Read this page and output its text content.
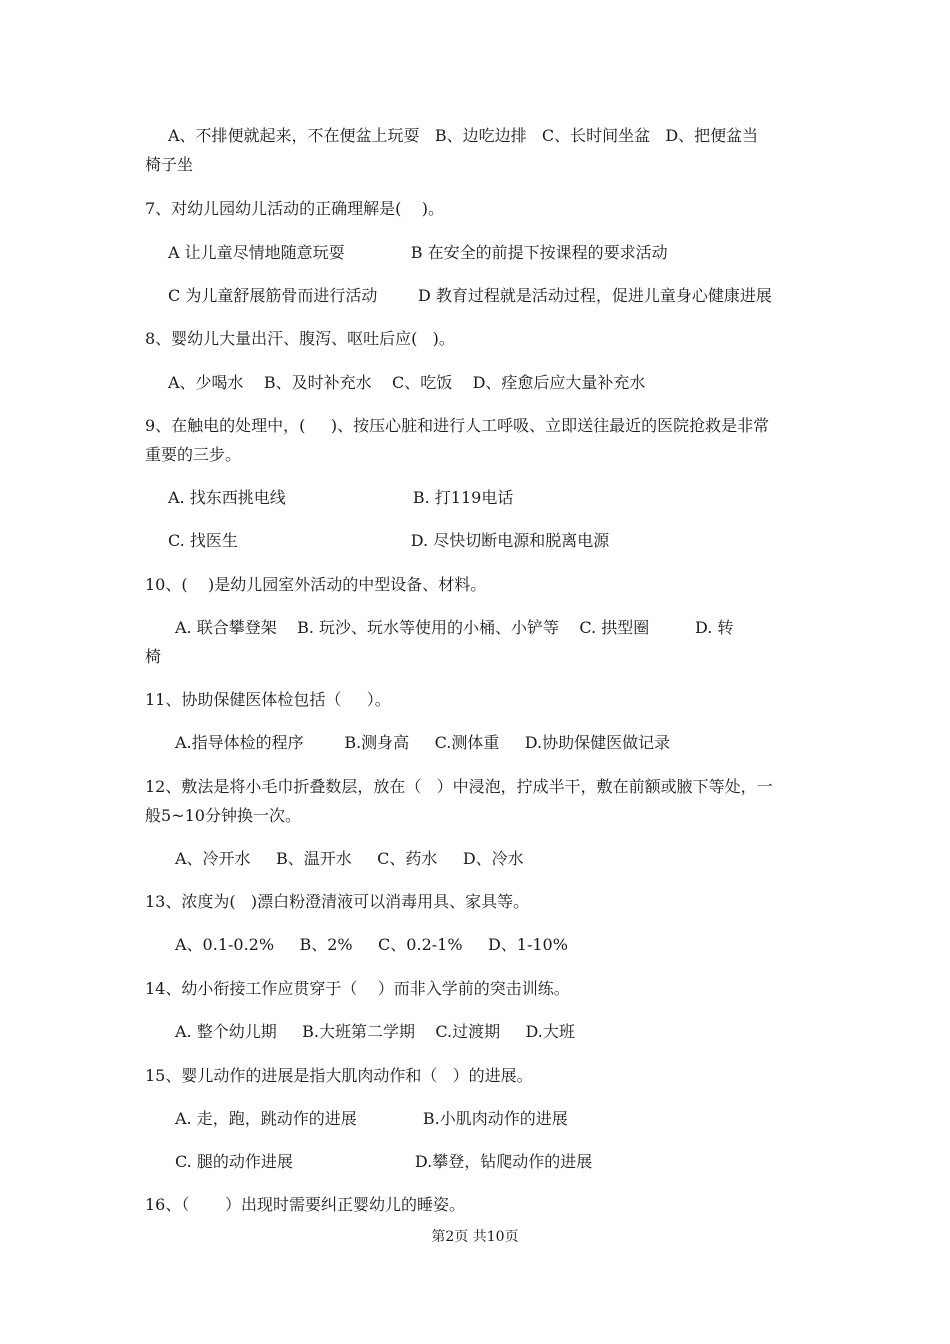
A、不排便就起来，不在便盆上玩耍   B、边吃边排   C、长时间坐盆   D、把便盆当
椅子坐
7、对幼儿园幼儿活动的正确理解是(    )。
A 让儿童尽情地随意玩耍             B 在安全的前提下按课程的要求活动
C 为儿童舒展筋骨而进行活动        D 教育过程就是活动过程，促进儿童身心健康进展
8、婴幼儿大量出汗、腹泻、呕吐后应(   )。
A、少喝水    B、及时补充水    C、吃饭    D、痊愈后应大量补充水
9、在触电的处理中，(     )、按压心脏和进行人工呼吸、立即送往最近的医院抢救是非常
重要的三步。
A. 找东西挑电线                         B. 打119电话
C. 找医生                                  D. 尽快切断电源和脱离电源
10、(    )是幼儿园室外活动的中型设备、材料。
A. 联合攀登架    B. 玩沙、玩水等使用的小桶、小铲等    C. 拱型圈         D. 转
椅
11、协助保健医体检包括（     ）。
A.指导体检的程序        B.测身高     C.测体重     D.协助保健医做记录
12、敷法是将小毛巾折叠数层，放在（   ）中浸泡，拧成半干，敷在前额或腋下等处，一
般5~10分钟换一次。
A、冷开水     B、温开水     C、药水     D、冷水
13、浓度为(   )漂白粉澄清液可以消毒用具、家具等。
A、0.1-0.2%     B、2%     C、0.2-1%     D、1-10%
14、幼小衔接工作应贯穿于（    ）而非入学前的突击训练。
A. 整个幼儿期     B.大班第二学期    C.过渡期     D.大班
15、婴儿动作的进展是指大肌肉动作和（   ）的进展。
A. 走，跑，跳动作的进展             B.小肌肉动作的进展
C. 腿的动作进展                        D.攀登，钻爬动作的进展
16、（       ）出现时需要纠正婴幼儿的睡姿。
第2页 共10页
